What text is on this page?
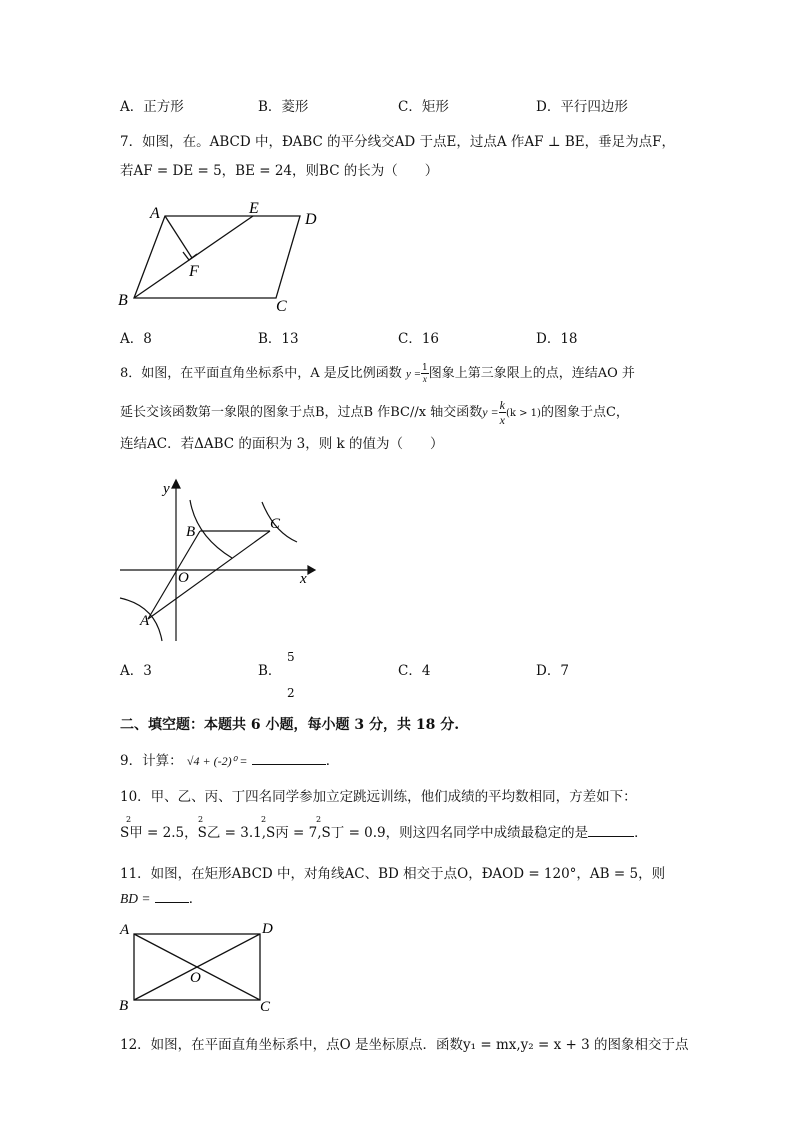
A．正方形	B．菱形	C．矩形	D．平行四边形
7．如图，在。ABCD 中，ÐABC 的平分线交AD 于点E，过点A 作AF ⊥ BE，垂足为点F，
若AF = DE = 5，BE = 24，则BC 的长为（　　）
A	E
D
F
B	C
A．8	B．13	C．16	D．18
8．如图，在平面直角坐标系中，A 是反比例函数 $y = \frac{1}{x}$ 图象上第三象限上的点，连结AO 并
延长交该函数第一象限的图象于点B，过点B 作BC//x 轴交函数$y = \frac{k}{x} (k > 1)$的图象于点C，
连结AC．若ΔABC 的面积为 3，则 k 的值为（　　）
y
x
O
B	C
A
A．3	B．
5
2
C．4	D．7
二、填空题：本题共 6 小题，每小题 3 分，共 18 分.
9．计算： √4 + (-2)⁰ =	．
10．甲、乙、丙、丁四名同学参加立定跳远训练，他们成绩的平均数相同，方差如下：
2	2	2	2
S甲 = 2.5，S乙 = 3.1,S丙 = 7,S丁 = 0.9，则这四名同学中成绩最稳定的是	．
11．如图，在矩形ABCD 中，对角线AC、BD 相交于点O，ÐAOD = 120°，AB = 5，则
BD =	．
A	D
O
B	C
12．如图，在平面直角坐标系中，点O 是坐标原点．函数y₁ = mx,y₂ = x + 3 的图象相交于点
